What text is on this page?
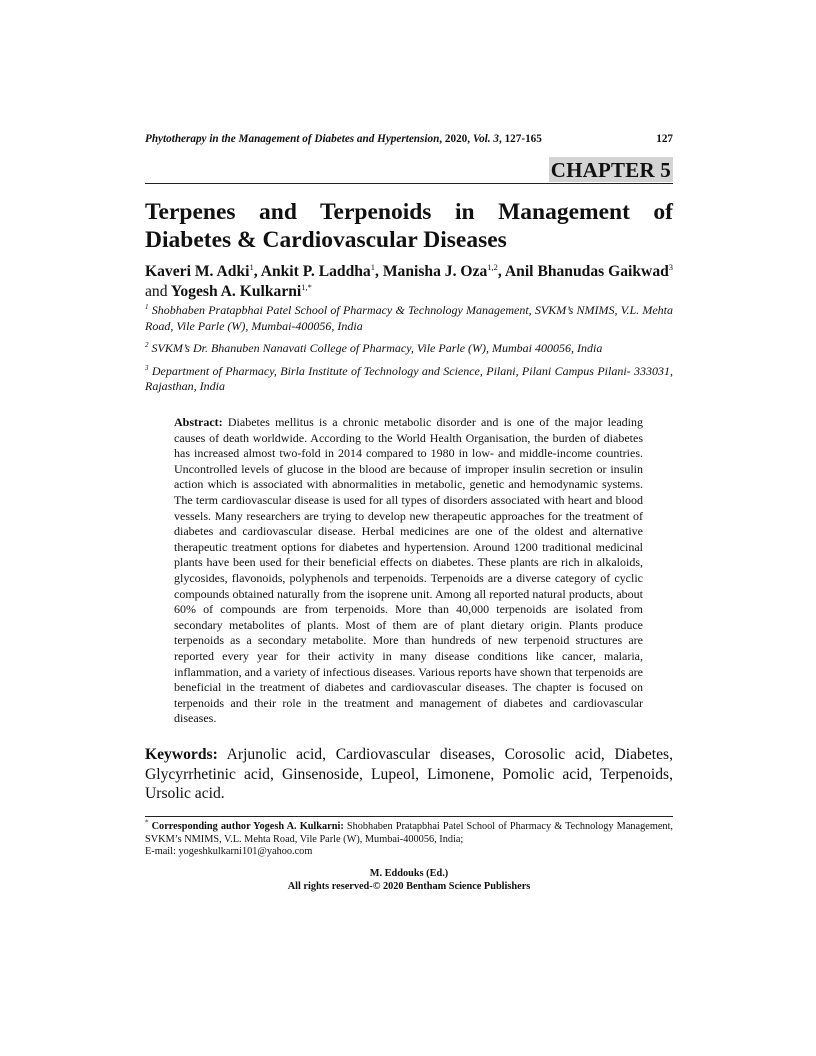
Phytotherapy in the Management of Diabetes and Hypertension, 2020, Vol. 3, 127-165	127
CHAPTER 5
Terpenes and Terpenoids in Management of Diabetes & Cardiovascular Diseases
Kaveri M. Adki$^1$, Ankit P. Laddha$^1$, Manisha J. Oza$^{1,2}$, Anil Bhanudas Gaikwad$^3$ and Yogesh A. Kulkarni$^{1,*}$
$^1$ Shobhaben Pratapbhai Patel School of Pharmacy & Technology Management, SVKM’s NMIMS, V.L. Mehta Road, Vile Parle (W), Mumbai-400056, India
$^2$ SVKM’s Dr. Bhanuben Nanavati College of Pharmacy, Vile Parle (W), Mumbai 400056, India
$^3$ Department of Pharmacy, Birla Institute of Technology and Science, Pilani, Pilani Campus Pilani- 333031, Rajasthan, India
Abstract: Diabetes mellitus is a chronic metabolic disorder and is one of the major leading causes of death worldwide. According to the World Health Organisation, the burden of diabetes has increased almost two-fold in 2014 compared to 1980 in low- and middle-income countries. Uncontrolled levels of glucose in the blood are because of improper insulin secretion or insulin action which is associated with abnormalities in metabolic, genetic and hemodynamic systems. The term cardiovascular disease is used for all types of disorders associated with heart and blood vessels. Many researchers are trying to develop new therapeutic approaches for the treatment of diabetes and cardiovascular disease. Herbal medicines are one of the oldest and alternative therapeutic treatment options for diabetes and hypertension. Around 1200 traditional medicinal plants have been used for their beneficial effects on diabetes. These plants are rich in alkaloids, glycosides, flavonoids, polyphenols and terpenoids. Terpenoids are a diverse category of cyclic compounds obtained naturally from the isoprene unit. Among all reported natural products, about 60% of compounds are from terpenoids. More than 40,000 terpenoids are isolated from secondary metabolites of plants. Most of them are of plant dietary origin. Plants produce terpenoids as a secondary metabolite. More than hundreds of new terpenoid structures are reported every year for their activity in many disease conditions like cancer, malaria, inflammation, and a variety of infectious diseases. Various reports have shown that terpenoids are beneficial in the treatment of diabetes and cardiovascular diseases. The chapter is focused on terpenoids and their role in the treatment and management of diabetes and cardiovascular diseases.
Keywords: Arjunolic acid, Cardiovascular diseases, Corosolic acid, Diabetes, Glycyrrhetinic acid, Ginsenoside, Lupeol, Limonene, Pomolic acid, Terpenoids, Ursolic acid.
* Corresponding author Yogesh A. Kulkarni: Shobhaben Pratapbhai Patel School of Pharmacy & Technology Management, SVKM’s NMIMS, V.L. Mehta Road, Vile Parle (W), Mumbai-400056, India;
E-mail: yogeshkulkarni101@yahoo.com
M. Eddouks (Ed.)
All rights reserved-© 2020 Bentham Science Publishers
